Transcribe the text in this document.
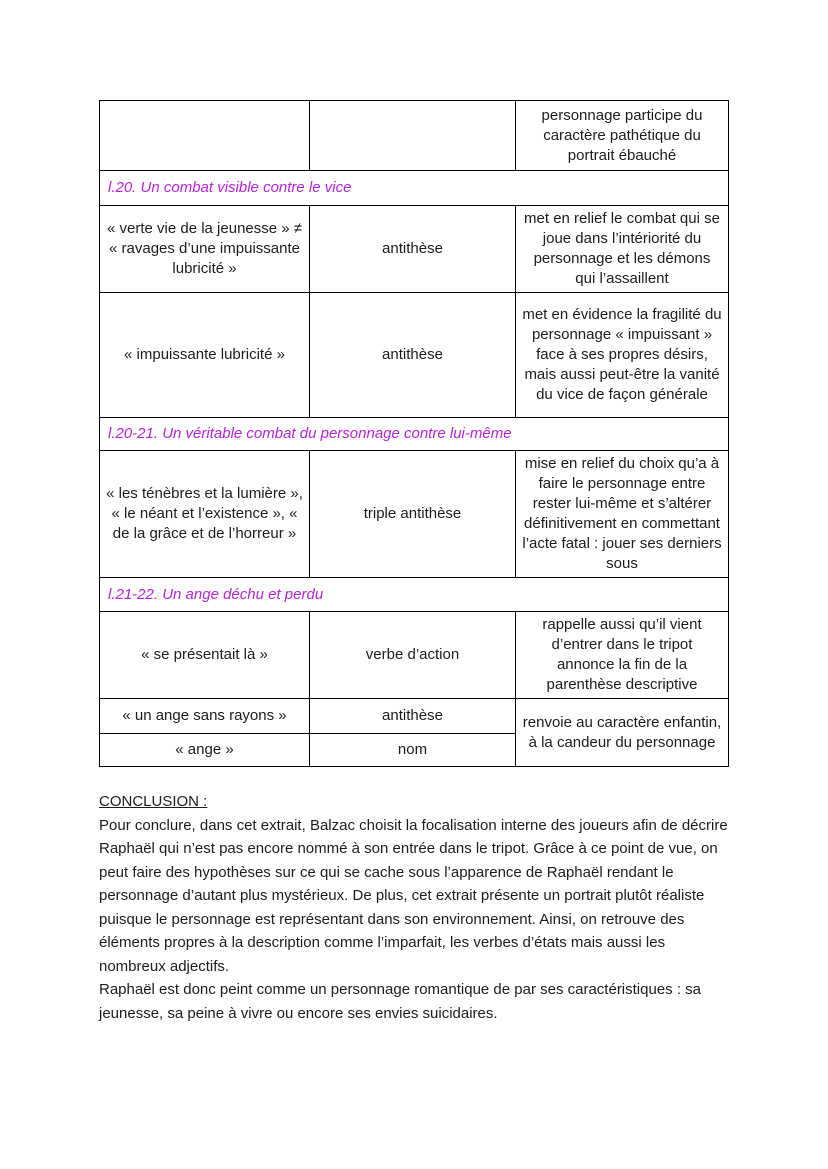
		personnage participe du caractère pathétique du portrait ébauché
l.20. Un combat visible contre le vice		
« verte vie de la jeunesse » ≠ « ravages d’une impuissante lubricité »	antithèse	met en relief le combat qui se joue dans l’intériorité du personnage et les démons qui l’assaillent
« impuissante lubricité »	antithèse	met en évidence la fragilité du personnage « impuissant » face à ses propres désirs, mais aussi peut-être la vanité du vice de façon générale
l.20-21. Un véritable combat du personnage contre lui-même		
« les ténèbres et la lumière », « le néant et l’existence », « de la grâce et de l’horreur »	triple antithèse	mise en relief du choix qu’a à faire le personnage entre rester lui-même et s’altérer définitivement en commettant l’acte fatal : jouer ses derniers sous
l.21-22. Un ange déchu et perdu		
« se présentait là »	verbe d’action	rappelle aussi qu’il vient d’entrer dans le tripot annonce la fin de la parenthèse descriptive
« un ange sans rayons »	antithèse	renvoie au caractère enfantin, à la candeur du personnage
« ange »	nom	
CONCLUSION :

Pour conclure, dans cet extrait, Balzac choisit la focalisation interne des joueurs afin de décrire Raphaël qui n’est pas encore nommé à son entrée dans le tripot. Grâce à ce point de vue, on peut faire des hypothèses sur ce qui se cache sous l’apparence de Raphaël rendant le personnage d’autant plus mystérieux. De plus, cet extrait présente un portrait plutôt réaliste puisque le personnage est représentant dans son environnement. Ainsi, on retrouve des éléments propres à la description comme l’imparfait, les verbes d’états mais aussi les nombreux adjectifs.

Raphaël est donc peint comme un personnage romantique de par ses caractéristiques : sa jeunesse, sa peine à vivre ou encore ses envies suicidaires.
